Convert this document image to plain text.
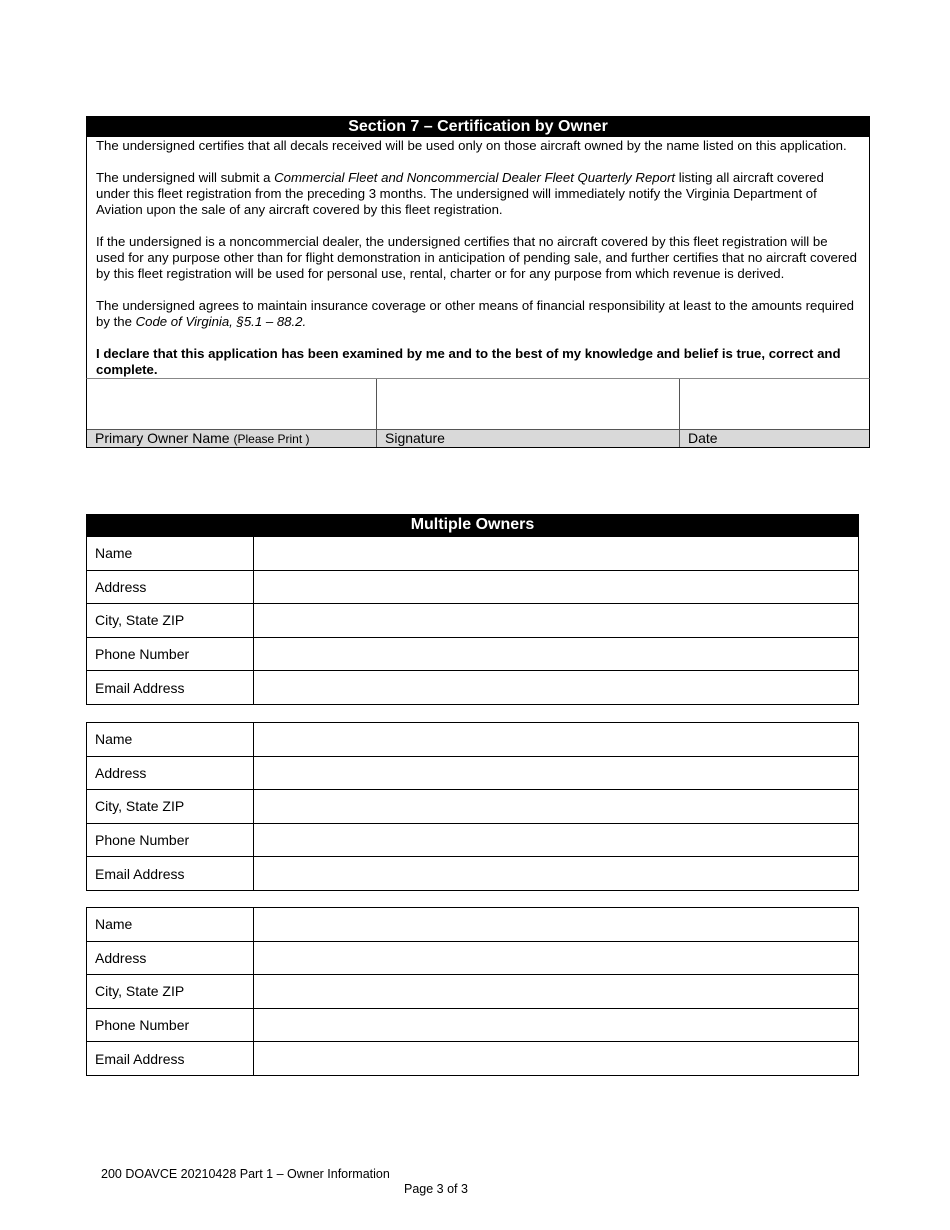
Section 7 – Certification by Owner

The undersigned certifies that all decals received will be used only on those aircraft owned by the name listed on this application.

The undersigned will submit a Commercial Fleet and Noncommercial Dealer Fleet Quarterly Report listing all aircraft covered under this fleet registration from the preceding 3 months. The undersigned will immediately notify the Virginia Department of Aviation upon the sale of any aircraft covered by this fleet registration.

If the undersigned is a noncommercial dealer, the undersigned certifies that no aircraft covered by this fleet registration will be used for any purpose other than for flight demonstration in anticipation of pending sale, and further certifies that no aircraft covered by this fleet registration will be used for personal use, rental, charter or for any purpose from which revenue is derived.

The undersigned agrees to maintain insurance coverage or other means of financial responsibility at least to the amounts required by the Code of Virginia, §5.1 – 88.2.

I declare that this application has been examined by me and to the best of my knowledge and belief is true, correct and complete.

Primary Owner Name (Please Print )	Signature	Date
Multiple Owners
Name	
Address	
City, State ZIP	
Phone Number	
Email Address	
Name	
Address	
City, State ZIP	
Phone Number	
Email Address	
Name	
Address	
City, State ZIP	
Phone Number	
Email Address	
200 DOAVCE 20210428 Part 1 – Owner Information
Page 3 of 3
